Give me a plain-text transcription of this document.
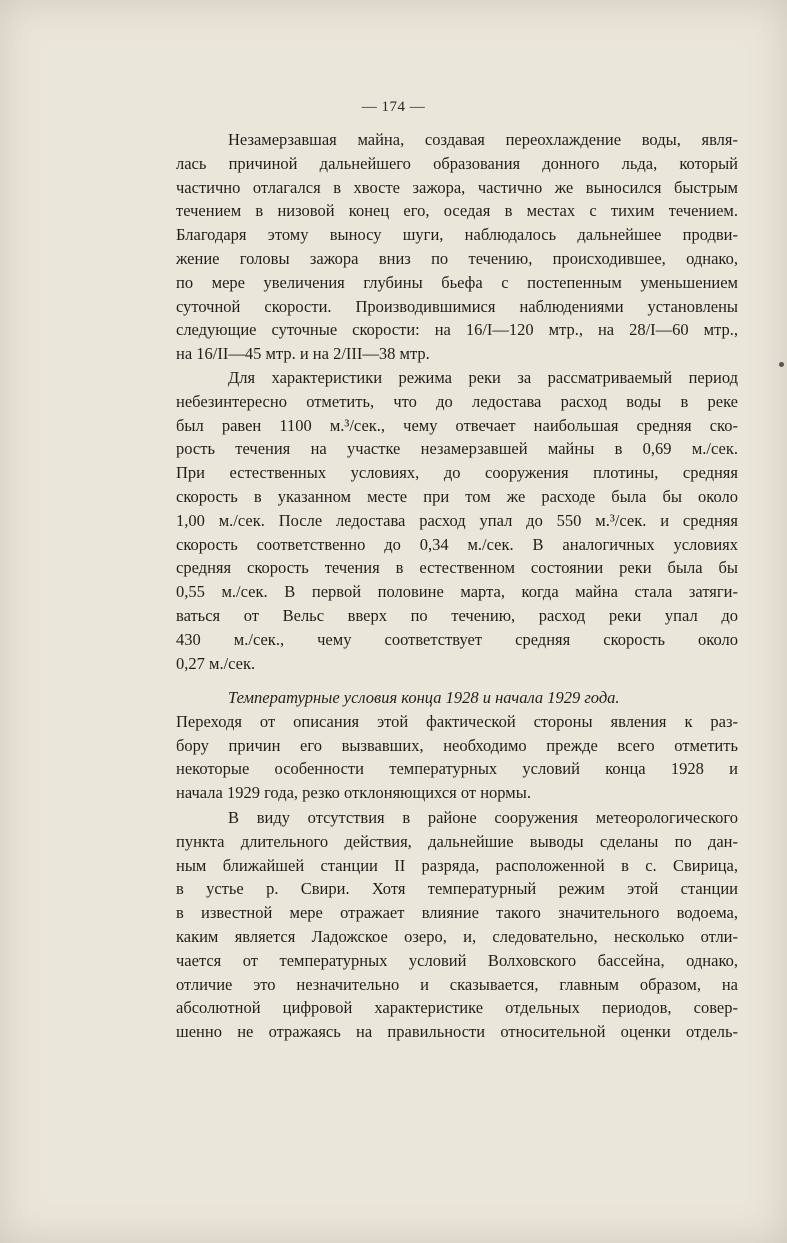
— 174 —
Незамерзавшая майна, создавая переохлаждение воды, явля-
лась причиной дальнейшего образования донного льда, который
частично отлагался в хвосте зажора, частично же выносился быстрым
течением в низовой конец его, оседая в местах с тихим течением.
Благодаря этому выносу шуги, наблюдалось дальнейшее продви-
жение головы зажора вниз по течению, происходившее, однако,
по мере увеличения глубины бьефа с постепенным уменьшением
суточной скорости. Производившимися наблюдениями установлены
следующие суточные скорости: на 16/I—120 мтр., на 28/I—60 мтр.,
на 16/II—45 мтр. и на 2/III—38 мтр.
Для характеристики режима реки за рассматриваемый период
небезинтересно отметить, что до ледостава расход воды в реке
был равен 1100 м.³/сек., чему отвечает наибольшая средняя ско-
рость течения на участке незамерзавшей майны в 0,69 м./сек.
При естественных условиях, до сооружения плотины, средняя
скорость в указанном месте при том же расходе была бы около
1,00 м./сек. После ледостава расход упал до 550 м.³/сек. и средняя
скорость соответственно до 0,34 м./сек. В аналогичных условиях
средняя скорость течения в естественном состоянии реки была бы
0,55 м./сек. В первой половине марта, когда майна стала затяги-
ваться от Вельс вверх по течению, расход реки упал до
430 м./сек., чему соответствует средняя скорость около
0,27 м./сек.
Температурные условия конца 1928 и начала 1929 года.
Переходя от описания этой фактической стороны явления к раз-
бору причин его вызвавших, необходимо прежде всего отметить
некоторые особенности температурных условий конца 1928 и
начала 1929 года, резко отклоняющихся от нормы.
В виду отсутствия в районе сооружения метеорологического
пункта длительного действия, дальнейшие выводы сделаны по дан-
ным ближайшей станции II разряда, расположенной в с. Свирица,
в устье р. Свири. Хотя температурный режим этой станции
в известной мере отражает влияние такого значительного водоема,
каким является Ладожское озеро, и, следовательно, несколько отли-
чается от температурных условий Волховского бассейна, однако,
отличие это незначительно и сказывается, главным образом, на
абсолютной цифровой характеристике отдельных периодов, совер-
шенно не отражаясь на правильности относительной оценки отдель-
